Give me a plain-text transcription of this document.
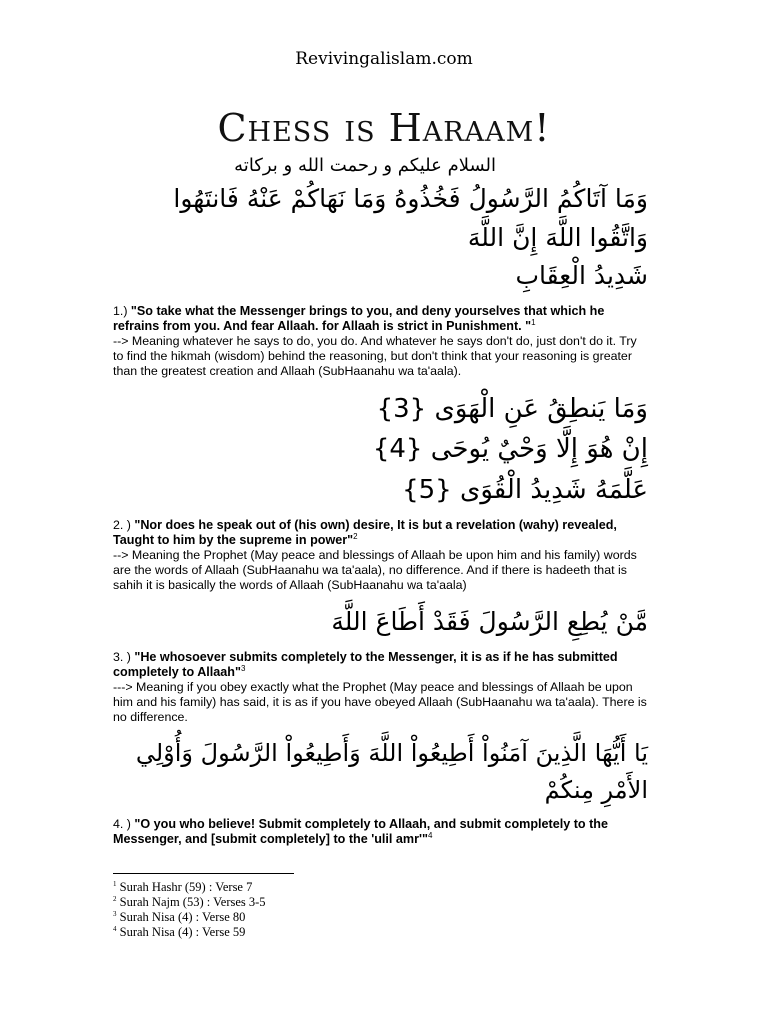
Revivingalislam.com
Chess is Haraam!
السلام عليكم و رحمت الله و بركاته
وَمَا آتَاكُمُ الرَّسُولُ فَخُذُوهُ وَمَا نَهَاكُمْ عَنْهُ فَانتَهُوا وَاتَّقُوا اللَّهَ إِنَّ اللَّهَ
شَدِيدُ الْعِقَابِ
1.) "So take what the Messenger brings to you, and deny yourselves that which he refrains from you. And fear Allaah. for Allaah is strict in Punishment. "$^1$
--> Meaning whatever he says to do, you do. And whatever he says don't do, just don't do it. Try to find the hikmah (wisdom) behind the reasoning, but don't think that your reasoning is greater than the greatest creation and Allaah (SubHaanahu wa ta'aala).
وَمَا يَنطِقُ عَنِ الْهَوَى {3}
إِنْ هُوَ إِلَّا وَحْيٌ يُوحَى {4}
عَلَّمَهُ شَدِيدُ الْقُوَى {5}
2. ) "Nor does he speak out of (his own) desire, It is but a revelation (wahy) revealed, Taught to him by the supreme in power"$^2$
--> Meaning the Prophet (May peace and blessings of Allaah be upon him and his family) words are the words of Allaah (SubHaanahu wa ta'aala), no difference. And if there is hadeeth that is sahih it is basically the words of Allaah (SubHaanahu wa ta'aala)
مَّنْ يُطِعِ الرَّسُولَ فَقَدْ أَطَاعَ اللَّهَ
3. ) "He whosoever submits completely to the Messenger, it is as if he has submitted completely to Allaah"$^3$
---> Meaning if you obey exactly what the Prophet (May peace and blessings of Allaah be upon him and his family) has said, it is as if you have obeyed Allaah (SubHaanahu wa ta'aala). There is no difference.
يَا أَيُّهَا الَّذِينَ آمَنُواْ أَطِيعُواْ اللَّهَ وَأَطِيعُواْ الرَّسُولَ وَأُوْلِي الأَمْرِ مِنكُمْ
4. ) "O you who believe! Submit completely to Allaah, and submit completely to the Messenger, and [submit completely] to the 'ulil amr'"$^4$
$^1$ Surah Hashr (59) : Verse 7
$^2$ Surah Najm (53) : Verses 3-5
$^3$ Surah Nisa (4) : Verse 80
$^4$ Surah Nisa (4) : Verse 59
